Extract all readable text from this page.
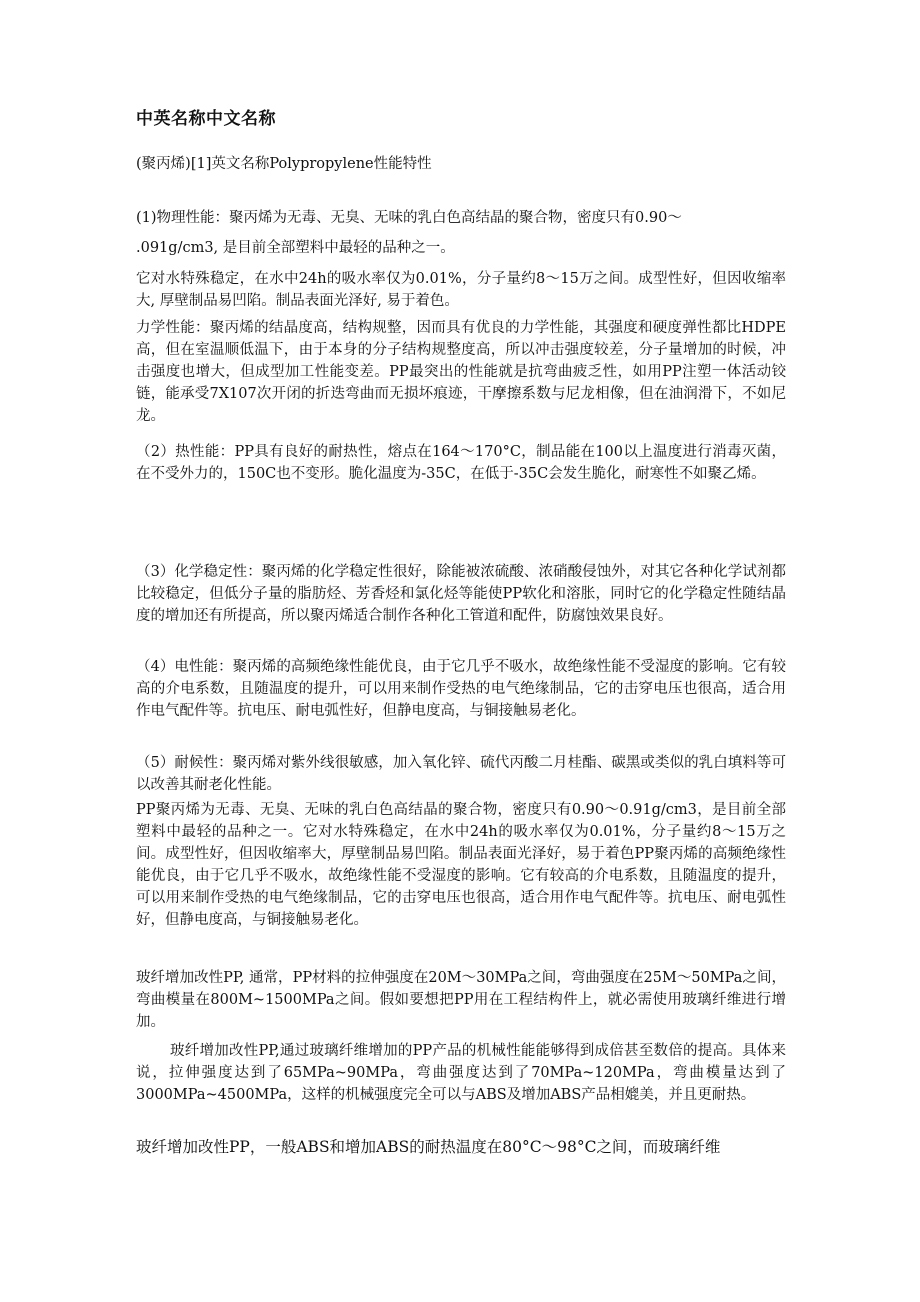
中英名称中文名称
(聚丙烯)[1]英文名称Polypropylene性能特性
(1)物理性能：聚丙烯为无毒、无臭、无味的乳白色高结晶的聚合物，密度只有0.90〜
.091g/cm3, 是目前全部塑料中最轻的品种之一。
它对水特殊稳定，在水中24h的吸水率仅为0.01%，分子量约8〜15万之间。成型性好，但因收缩率大, 厚壁制品易凹陷。制品表面光泽好, 易于着色。
力学性能：聚丙烯的结晶度高，结构规整，因而具有优良的力学性能，其强度和硬度弹性都比HDPE高，但在室温顺低温下，由于本身的分子结构规整度高，所以冲击强度较差，分子量增加的时候，冲击强度也增大，但成型加工性能变差。PP最突出的性能就是抗弯曲疲乏性，如用PP注塑一体活动铰链，能承受7X107次开闭的折迭弯曲而无损坏痕迹，干摩擦系数与尼龙相像，但在油润滑下，不如尼龙。
（2）热性能：PP具有良好的耐热性，熔点在164〜170°C，制品能在100以上温度进行消毒灭菌，在不受外力的，150C也不变形。脆化温度为-35C，在低于-35C会发生脆化，耐寒性不如聚乙烯。
（3）化学稳定性：聚丙烯的化学稳定性很好，除能被浓硫酸、浓硝酸侵蚀外，对其它各种化学试剂都比较稳定，但低分子量的脂肪烃、芳香烃和氯化烃等能使PP软化和溶胀，同时它的化学稳定性随结晶度的增加还有所提高，所以聚丙烯适合制作各种化工管道和配件，防腐蚀效果良好。
（4）电性能：聚丙烯的高频绝缘性能优良，由于它几乎不吸水，故绝缘性能不受湿度的影响。它有较高的介电系数，且随温度的提升，可以用来制作受热的电气绝缘制品，它的击穿电压也很高，适合用作电气配件等。抗电压、耐电弧性好，但静电度高，与铜接触易老化。
（5）耐候性：聚丙烯对紫外线很敏感，加入氧化锌、硫代丙酸二月桂酯、碳黑或类似的乳白填料等可以改善其耐老化性能。
PP聚丙烯为无毒、无臭、无味的乳白色高结晶的聚合物，密度只有0.90〜0.91g/cm3，是目前全部塑料中最轻的品种之一。它对水特殊稳定，在水中24h的吸水率仅为0.01%，分子量约8〜15万之间。成型性好，但因收缩率大，厚壁制品易凹陷。制品表面光泽好，易于着色PP聚丙烯的高频绝缘性能优良，由于它几乎不吸水，故绝缘性能不受湿度的影响。它有较高的介电系数，且随温度的提升，可以用来制作受热的电气绝缘制品，它的击穿电压也很高，适合用作电气配件等。抗电压、耐电弧性好，但静电度高，与铜接触易老化。
玻纤增加改性PP, 通常，PP材料的拉伸强度在20M〜30MPa之间，弯曲强度在25M〜50MPa之间，弯曲模量在800M~1500MPa之间。假如要想把PP用在工程结构件上，就必需使用玻璃纤维进行增加。
玻纤增加改性PP,通过玻璃纤维增加的PP产品的机械性能能够得到成倍甚至数倍的提高。具体来说，拉伸强度达到了65MPa~90MPa，弯曲强度达到了70MPa~120MPa，弯曲模量达到了3000MPa~4500MPa，这样的机械强度完全可以与ABS及增加ABS产品相媲美，并且更耐热。
玻纤增加改性PP，一般ABS和增加ABS的耐热温度在80°C〜98°C之间，而玻璃纤维
